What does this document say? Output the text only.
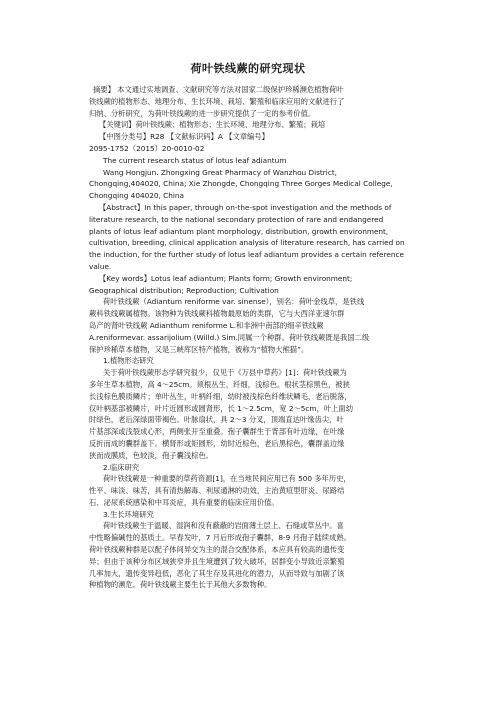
荷叶铁线蕨的研究现状
摘要】 本文通过实地调查、文献研究等方法对国家二级保护珍稀濒危植物荷叶
铁线蕨的植物形态、地理分布、生长环境、栽培、繁殖和临床应用的文献进行了
归纳、分析研究，为荷叶铁线蕨的进一步研究提供了一定的参考价值。
【关键词】荷叶铁线蕨；植物形态；生长环境、地理分布、繁殖；栽培
【中图分类号】R28 【文献标识码】A 【文章编号】
2095-1752（2015）20-0010-02
The current research status of lotus leaf adiantum
Wang Hongjun. Zhongxing Great Pharmacy of Wanzhou District,
Chongqing,404020, China; Xie Zhongde, Chongqing Three Gorges Medical College,
Chongqing 404020, China
【Abstract】In this paper, through on-the-spot investigation and the methods of
literature research, to the national secondary protection of rare and endangered
plants of lotus leaf adiantum plant morphology, distribution, growth environment,
cultivation, breeding, clinical application analysis of literature research, has carried on
the induction, for the further study of lotus leaf adiantum provides a certain reference
value.
【Key words】Lotus leaf adiantum; Plants form; Growth environment;
Geographical distribution; Reproduction; Cultivation
荷叶铁线蕨（Adiantum reniforme var. sinense），别名：荷叶金线草，是铁线
蕨科铁线蕨属植物。该物种为铁线蕨科植物最原始的类群，它与大西洋亚速尔群
岛产的肾叶铁线蕨 Adianthum reniforme L.和非洲中南部的细辛铁线蕨
A.reniformevar. assarijolium (Willd.) Sim.同属一个种群。荷叶铁线蕨既是我国二级
保护珍稀草本植物，又是三峡库区特产植物，被称为“植物大熊猫”。
1.植物形态研究
关于荷叶铁线蕨形态学研究很少，仅见于《万县中草药》[1]：荷叶铁线蕨为
多年生草本植物，高 4～25cm。须根丛生，纤细，浅棕色。根状茎棕黑色，被狭
长浅棕色膜质鳞片；单叶丛生，叶柄纤细，幼时被浅棕色纤维状鳞毛，老后脱落，
仅叶柄基部被鳞片，叶片近圆形或圆肾形，长 1～2.5cm，宽 2～5cm，叶上面幼
时绿色，老后深绿面带褐色。叶脉扇状，具 2～3 分叉，顶端直达叶缘齿尖，叶
片基部深或浅裂成心形，两侧张开至重叠。孢子囊群生于背部有叶边缘，在叶缘
反折而成的囊群盖下。横肾形或矩圆形，幼时近棕色，老后黑棕色，囊群盖边缘
狭而成膜质，色较淡，孢子囊浅棕色。
2.临床研究
荷叶铁线蕨是一种重要的草药资源[1]，在当地民间应用已有 500 多年历史，
性平、味淡、味苦，具有清热解毒、利尿通淋的功效，主治黄疸型肝炎、尿路结
石、泌尿系统感染和中耳炎症，具有重要的临床应用价值。
3.生长环境研究
荷叶铁线蕨生于温暖、湿润和没有蔽蔽的岩面薄土层上、石缝或草丛中。喜
中性略偏碱性的基质土。早春发叶，7 月后形成孢子囊群，8-9 月孢子陆续成熟。
荷叶铁线蕨种群是以配子体间异交为主的混合交配体系，本应具有较高的遗传变
异；但由于该种分布区域狭窄并且生境遭到了较大破坏，居群变小导致近亲繁殖
几率加大，遗传变异趋低，恶化了其生存及其进化的潜力，从而导致与加剧了该
种植物的濒危。荷叶铁线蕨主要生长于其他大多数物种。
